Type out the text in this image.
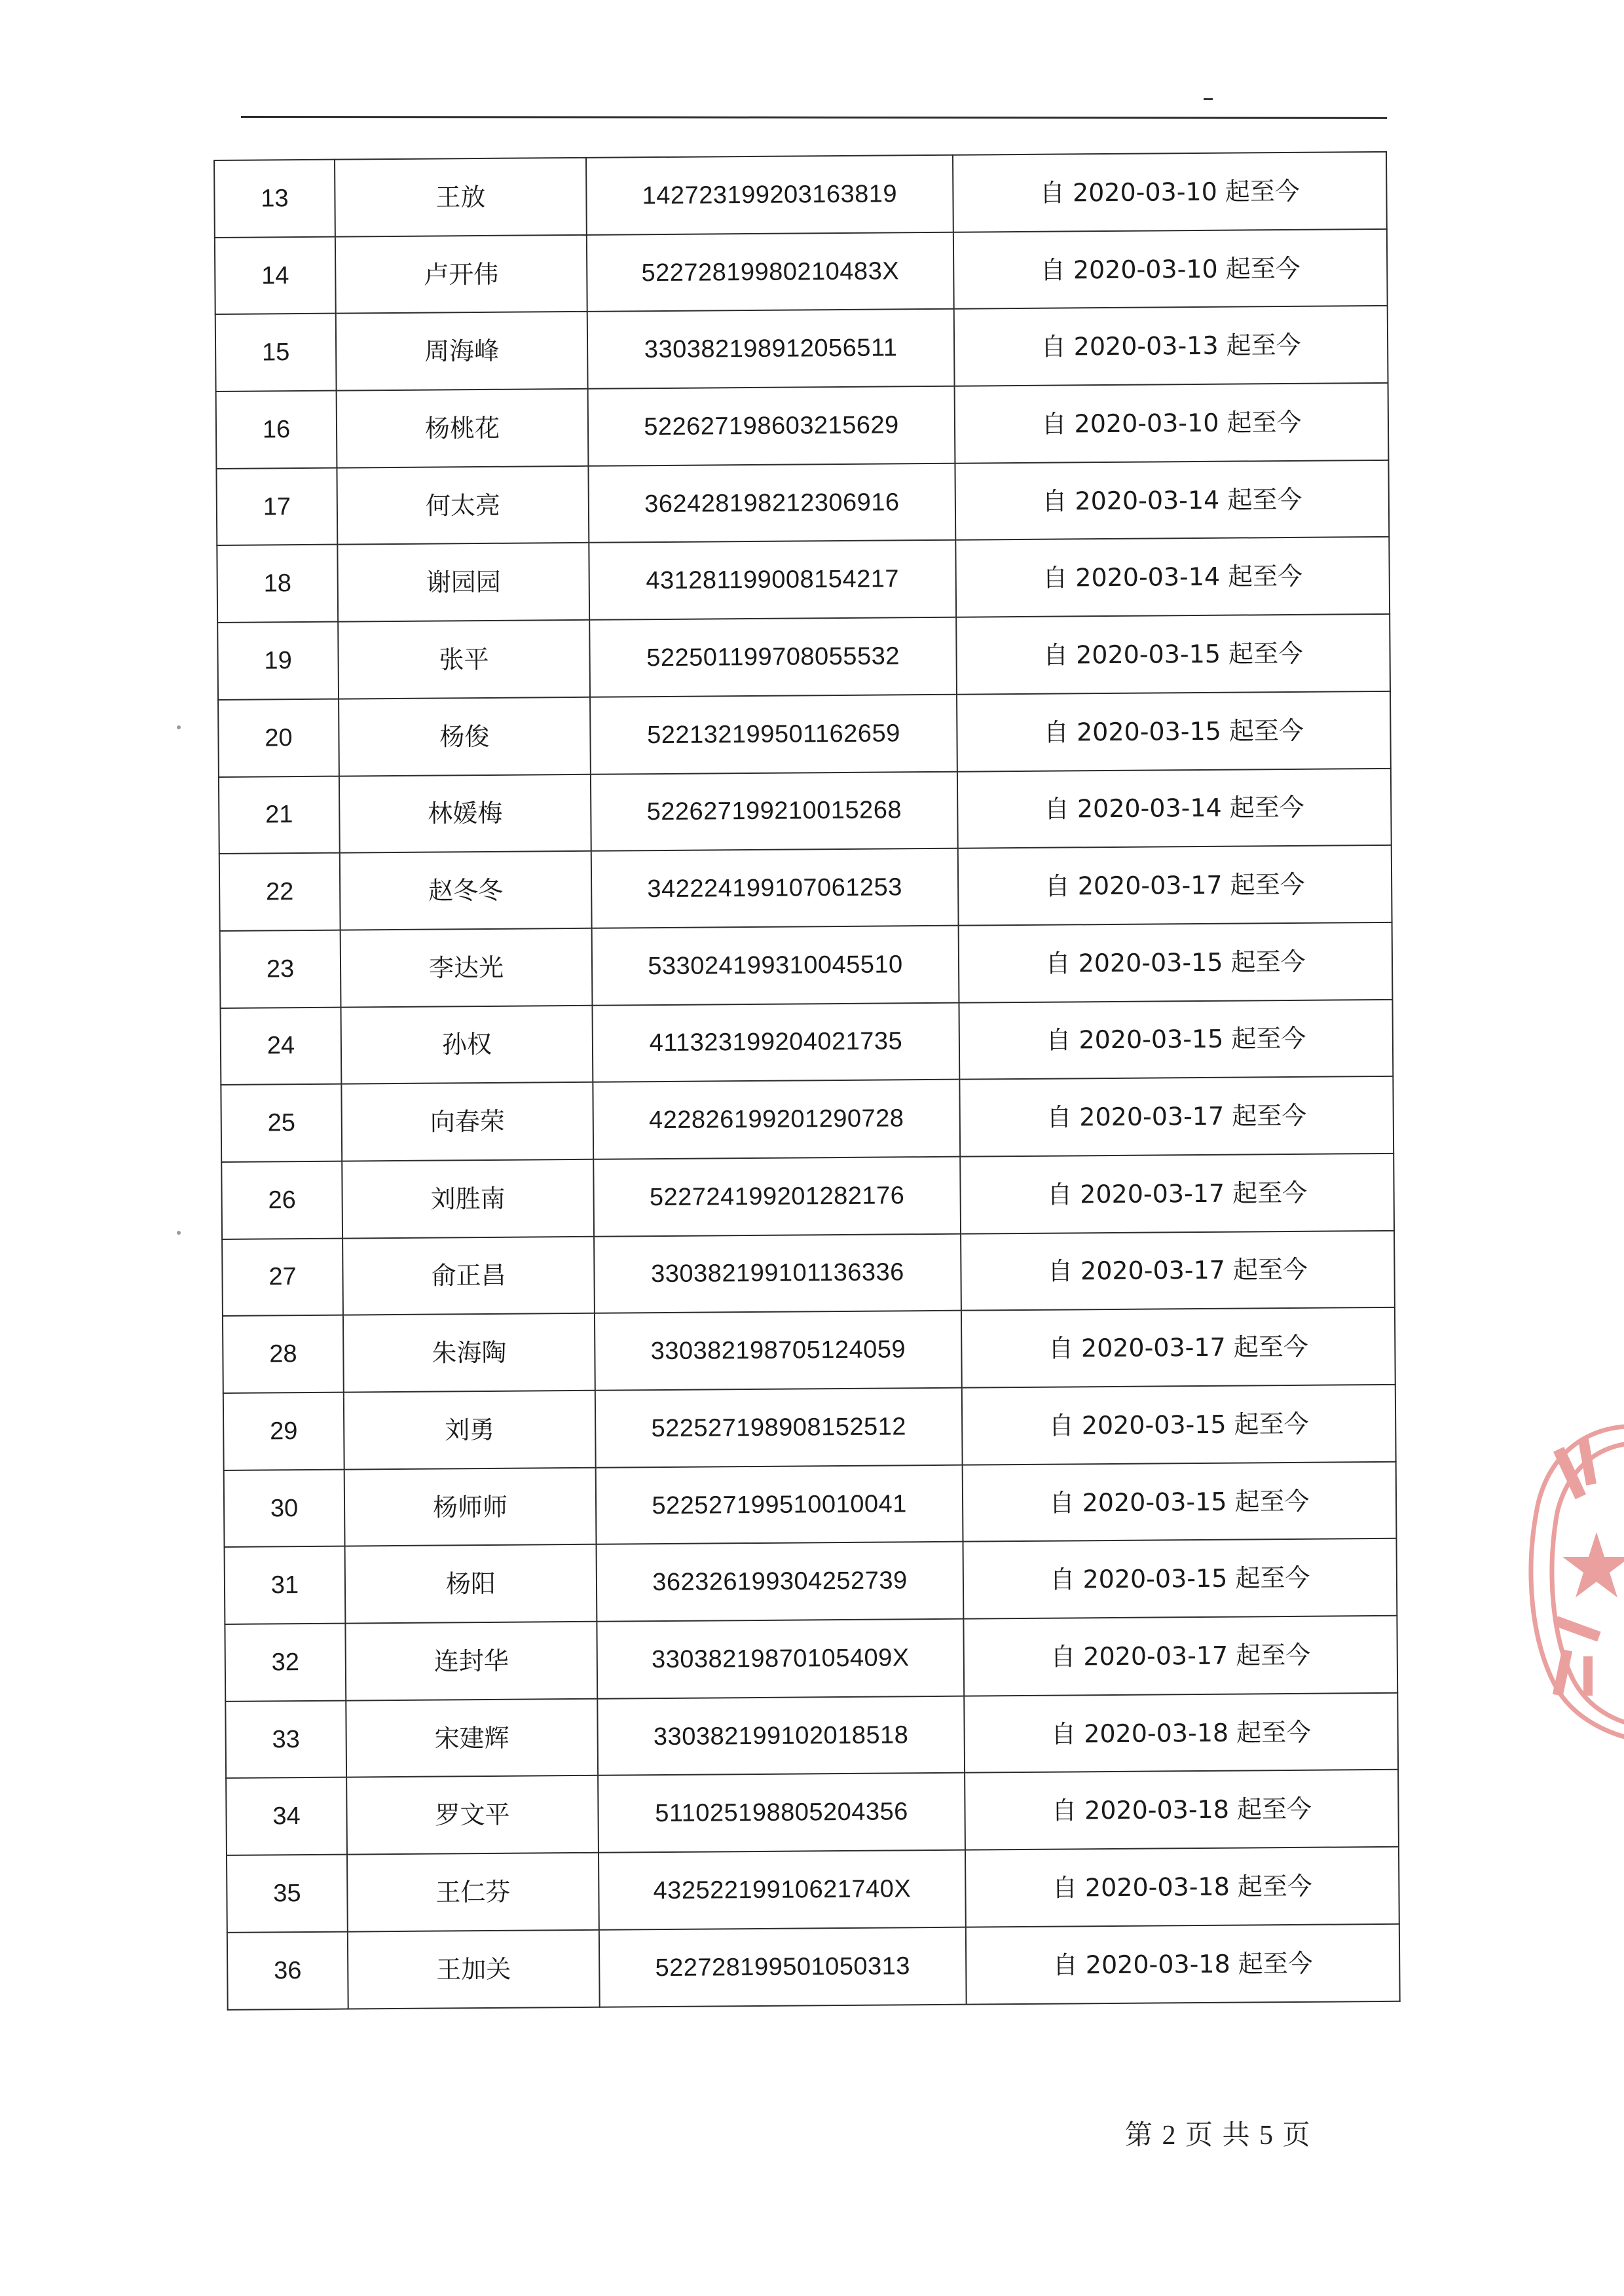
13	王放	142723199203163819	自 2020-03-10 起至今
14	卢开伟	52272819980210483X	自 2020-03-10 起至今
15	周海峰	330382198912056511	自 2020-03-13 起至今
16	杨桃花	522627198603215629	自 2020-03-10 起至今
17	何太亮	362428198212306916	自 2020-03-14 起至今
18	谢园园	431281199008154217	自 2020-03-14 起至今
19	张平	522501199708055532	自 2020-03-15 起至今
20	杨俊	522132199501162659	自 2020-03-15 起至今
21	林媛梅	522627199210015268	自 2020-03-14 起至今
22	赵冬冬	342224199107061253	自 2020-03-17 起至今
23	李达光	533024199310045510	自 2020-03-15 起至今
24	孙权	411323199204021735	自 2020-03-15 起至今
25	向春荣	422826199201290728	自 2020-03-17 起至今
26	刘胜南	522724199201282176	自 2020-03-17 起至今
27	俞正昌	330382199101136336	自 2020-03-17 起至今
28	朱海陶	330382198705124059	自 2020-03-17 起至今
29	刘勇	522527198908152512	自 2020-03-15 起至今
30	杨师师	522527199510010041	自 2020-03-15 起至今
31	杨阳	362326199304252739	自 2020-03-15 起至今
32	连封华	33038219870105409X	自 2020-03-17 起至今
33	宋建辉	330382199102018518	自 2020-03-18 起至今
34	罗文平	511025198805204356	自 2020-03-18 起至今
35	王仁芬	43252219910621740X	自 2020-03-18 起至今
36	王加关	522728199501050313	自 2020-03-18 起至今
第 2 页 共 5 页
